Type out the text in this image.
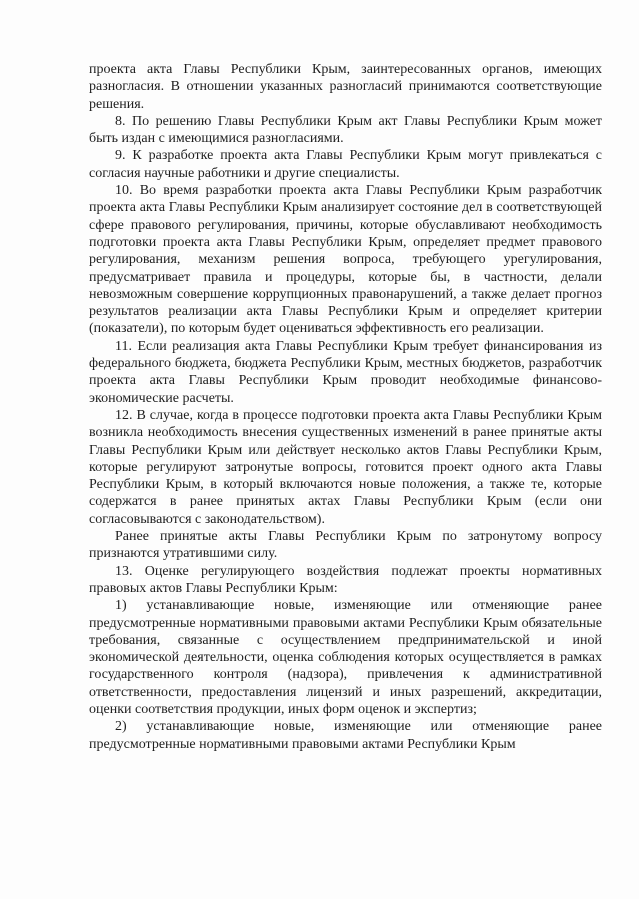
проекта акта Главы Республики Крым, заинтересованных органов, имеющих разногласия. В отношении указанных разногласий принимаются соответствующие решения.

8. По решению Главы Республики Крым акт Главы Республики Крым может быть издан с имеющимися разногласиями.

9. К разработке проекта акта Главы Республики Крым могут привлекаться с согласия научные работники и другие специалисты.

10. Во время разработки проекта акта Главы Республики Крым разработчик проекта акта Главы Республики Крым анализирует состояние дел в соответствующей сфере правового регулирования, причины, которые обуславливают необходимость подготовки проекта акта Главы Республики Крым, определяет предмет правового регулирования, механизм решения вопроса, требующего урегулирования, предусматривает правила и процедуры, которые бы, в частности, делали невозможным совершение коррупционных правонарушений, а также делает прогноз результатов реализации акта Главы Республики Крым и определяет критерии (показатели), по которым будет оцениваться эффективность его реализации.

11. Если реализация акта Главы Республики Крым требует финансирования из федерального бюджета, бюджета Республики Крым, местных бюджетов, разработчик проекта акта Главы Республики Крым проводит необходимые финансово-экономические расчеты.

12. В случае, когда в процессе подготовки проекта акта Главы Республики Крым возникла необходимость внесения существенных изменений в ранее принятые акты Главы Республики Крым или действует несколько актов Главы Республики Крым, которые регулируют затронутые вопросы, готовится проект одного акта Главы Республики Крым, в который включаются новые положения, а также те, которые содержатся в ранее принятых актах Главы Республики Крым (если они согласовываются с законодательством).

Ранее принятые акты Главы Республики Крым по затронутому вопросу признаются утратившими силу.

13. Оценке регулирующего воздействия подлежат проекты нормативных правовых актов Главы Республики Крым:

1) устанавливающие новые, изменяющие или отменяющие ранее предусмотренные нормативными правовыми актами Республики Крым обязательные требования, связанные с осуществлением предпринимательской и иной экономической деятельности, оценка соблюдения которых осуществляется в рамках государственного контроля (надзора), привлечения к административной ответственности, предоставления лицензий и иных разрешений, аккредитации, оценки соответствия продукции, иных форм оценок и экспертиз;

2) устанавливающие новые, изменяющие или отменяющие ранее предусмотренные нормативными правовыми актами Республики Крым
